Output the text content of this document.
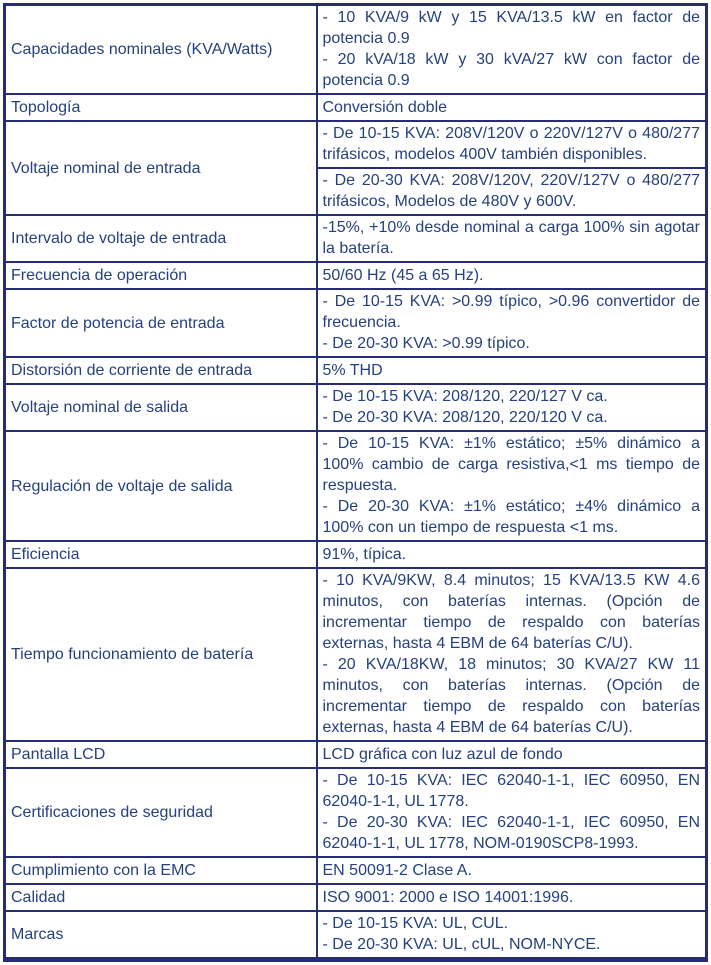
Capacidades nominales (KVA/Watts)	- 10 KVA/9 kW y 15 KVA/13.5 kW en factor de potencia 0.9
- 20 kVA/18 kW y 30 kVA/27 kW con factor de potencia 0.9

Topología	Conversión doble

Voltaje nominal de entrada	- De 10-15 KVA: 208V/120V o 220V/127V o 480/277 trifásicos, modelos 400V también disponibles.

	- De 20-30 KVA: 208V/120V, 220V/127V o 480/277 trifásicos, Modelos de 480V y 600V.

Intervalo de voltaje de entrada	-15%, +10% desde nominal a carga 100% sin agotar la batería.

Frecuencia de operación	50/60 Hz (45 a 65 Hz).

Factor de potencia de entrada	- De 10-15 KVA: >0.99 típico, >0.96 convertidor de frecuencia.
- De 20-30 KVA: >0.99 típico.

Distorsión de corriente de entrada	5% THD

Voltaje nominal de salida	- De 10-15 KVA: 208/120, 220/127 V ca.
- De 20-30 KVA: 208/120, 220/120 V ca.

Regulación de voltaje de salida	- De 10-15 KVA: ±1% estático; ±5% dinámico a 100% cambio de carga resistiva,<1 ms tiempo de respuesta.
- De 20-30 KVA: ±1% estático; ±4% dinámico a 100% con un tiempo de respuesta <1 ms.

Eficiencia	91%, típica.

Tiempo funcionamiento de batería	- 10 KVA/9KW, 8.4 minutos; 15 KVA/13.5 KW 4.6 minutos, con baterías internas. (Opción de incrementar tiempo de respaldo con baterías externas, hasta 4 EBM de 64 baterías C/U).
- 20 KVA/18KW, 18 minutos; 30 KVA/27 KW 11 minutos, con baterías internas. (Opción de incrementar tiempo de respaldo con baterías externas, hasta 4 EBM de 64 baterías C/U).

Pantalla LCD	LCD gráfica con luz azul de fondo

Certificaciones de seguridad	- De 10-15 KVA: IEC 62040-1-1, IEC 60950, EN 62040-1-1, UL 1778.
- De 20-30 KVA: IEC 62040-1-1, IEC 60950, EN 62040-1-1, UL 1778, NOM-0190SCP8-1993.

Cumplimiento con la EMC	EN 50091-2 Clase A.

Calidad	ISO 9001: 2000 e ISO 14001:1996.

Marcas	- De 10-15 KVA: UL, CUL.
- De 20-30 KVA: UL, cUL, NOM-NYCE.
